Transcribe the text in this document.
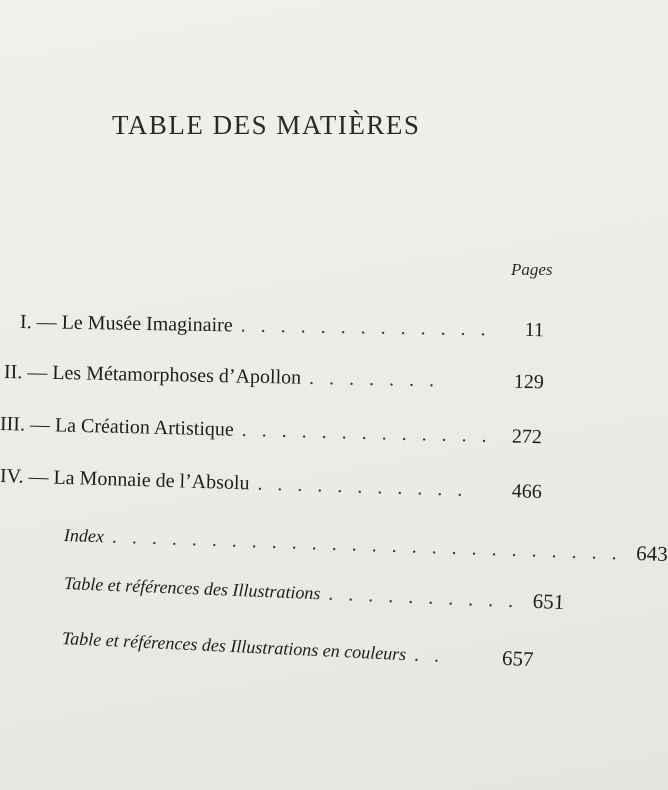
TABLE DES MATIÈRES
Pages
I. — Le Musée Imaginaire . . . . . . . . . . . . .	11
II. — Les Métamorphoses d’Apollon . . . . . . .	129
III. — La Création Artistique . . . . . . . . . . . . . 272
IV. — La Monnaie de l’Absolu . . . . . . . . . . .	466
Index . . . . . . . . . . . . . . . . . . . . . . . . . . 643
Table et références des Illustrations . . . . . . . . . . 651
Table et références des Illustrations en couleurs . .	657
